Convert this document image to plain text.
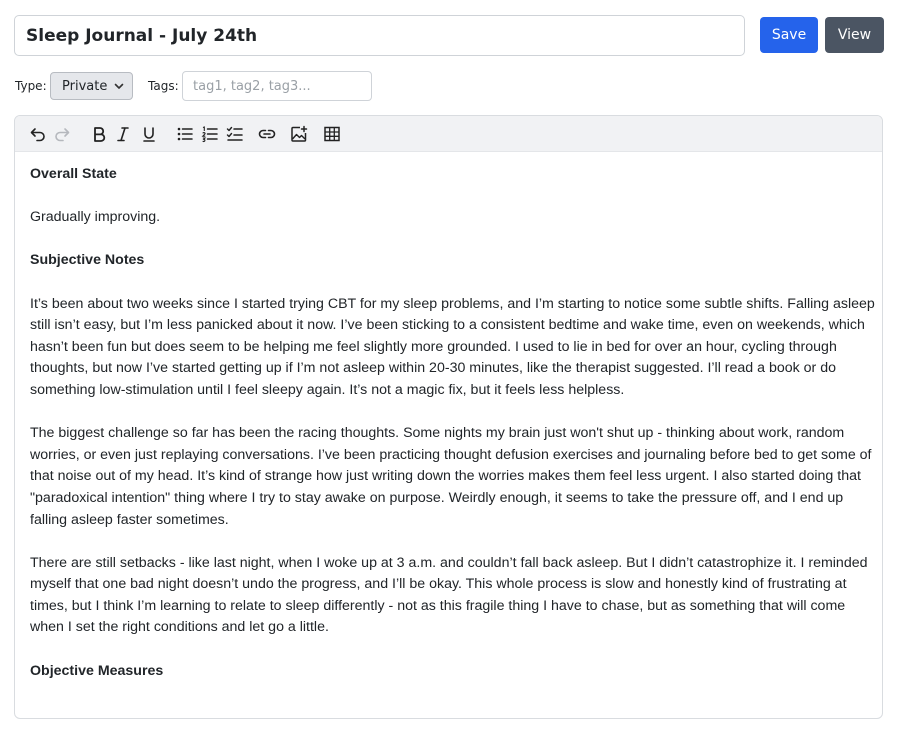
Sleep Journal - July 24th
Save	View
Type: Private	Tags:
tag1, tag2, tag3...

Overall State

Gradually improving.

Subjective Notes

It’s been about two weeks since I started trying CBT for my sleep problems, and I’m starting to notice some subtle shifts. Falling asleep still isn’t easy, but I’m less panicked about it now. I’ve been sticking to a consistent bedtime and wake time, even on weekends, which hasn’t been fun but does seem to be helping me feel slightly more grounded. I used to lie in bed for over an hour, cycling through thoughts, but now I’ve started getting up if I’m not asleep within 20-30 minutes, like the therapist suggested. I’ll read a book or do something low-stimulation until I feel sleepy again. It’s not a magic fix, but it feels less helpless.

The biggest challenge so far has been the racing thoughts. Some nights my brain just won't shut up - thinking about work, random worries, or even just replaying conversations. I’ve been practicing thought defusion exercises and journaling before bed to get some of that noise out of my head. It’s kind of strange how just writing down the worries makes them feel less urgent. I also started doing that "paradoxical intention" thing where I try to stay awake on purpose. Weirdly enough, it seems to take the pressure off, and I end up falling asleep faster sometimes.

There are still setbacks - like last night, when I woke up at 3 a.m. and couldn’t fall back asleep. But I didn’t catastrophize it. I reminded myself that one bad night doesn’t undo the progress, and I’ll be okay. This whole process is slow and honestly kind of frustrating at times, but I think I’m learning to relate to sleep differently - not as this fragile thing I have to chase, but as something that will come when I set the right conditions and let go a little.

Objective Measures
